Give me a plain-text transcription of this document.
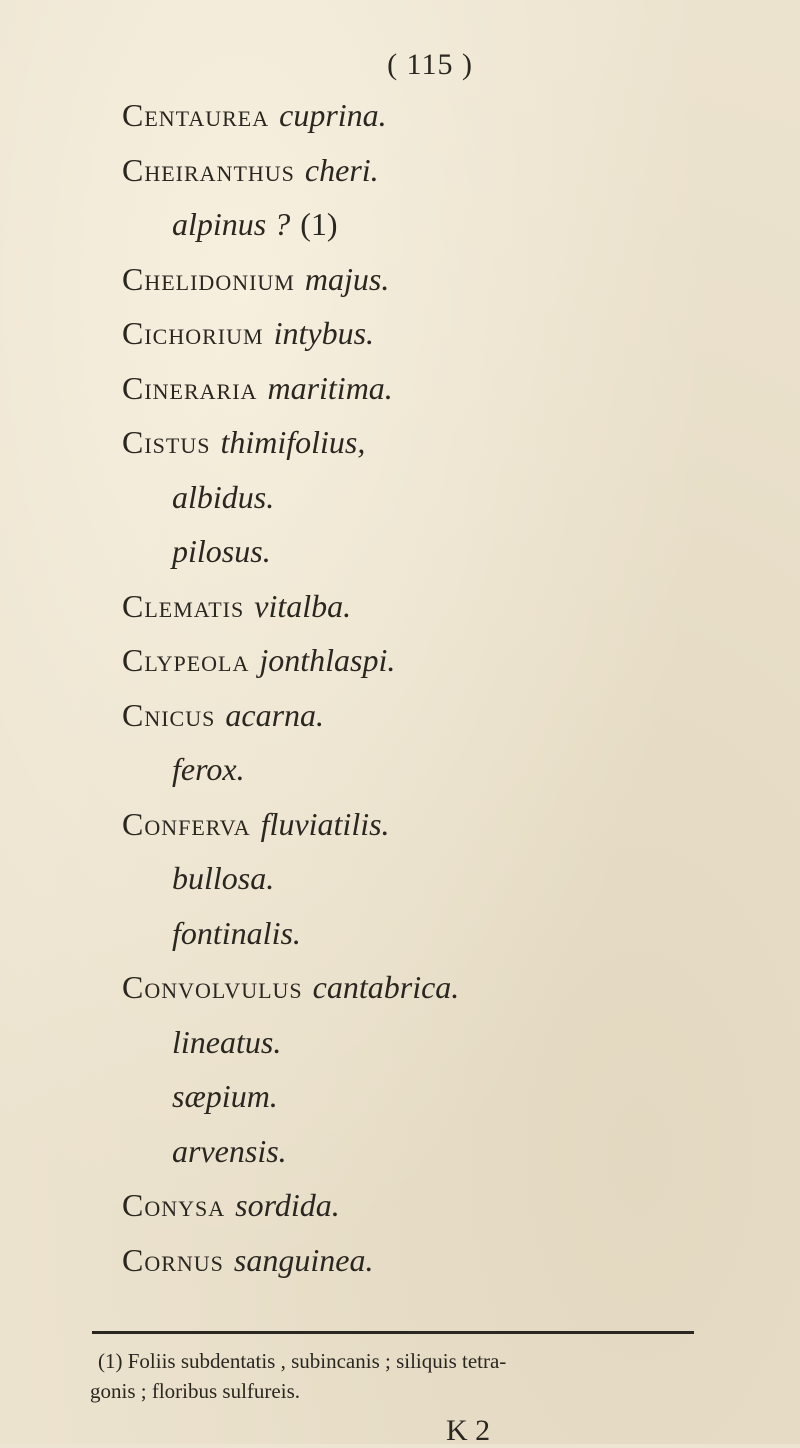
( 115 )
Centaurea cuprina.
Cheiranthus cheri.
alpinus ? (1)
Chelidonium majus.
Cichorium intybus.
Cineraria maritima.
Cistus thimifolius,
albidus.
pilosus.
Clematis vitalba.
Clypeola jonthlaspi.
Cnicus acarna.
ferox.
Conferva fluviatilis.
bullosa.
fontinalis.
Convolvulus cantabrica.
lineatus.
sæpium.
arvensis.
Conysa sordida.
Cornus sanguinea.
(1) Foliis subdentatis , subincanis ; siliquis tetra-
gonis ; floribus sulfureis.
K 2
